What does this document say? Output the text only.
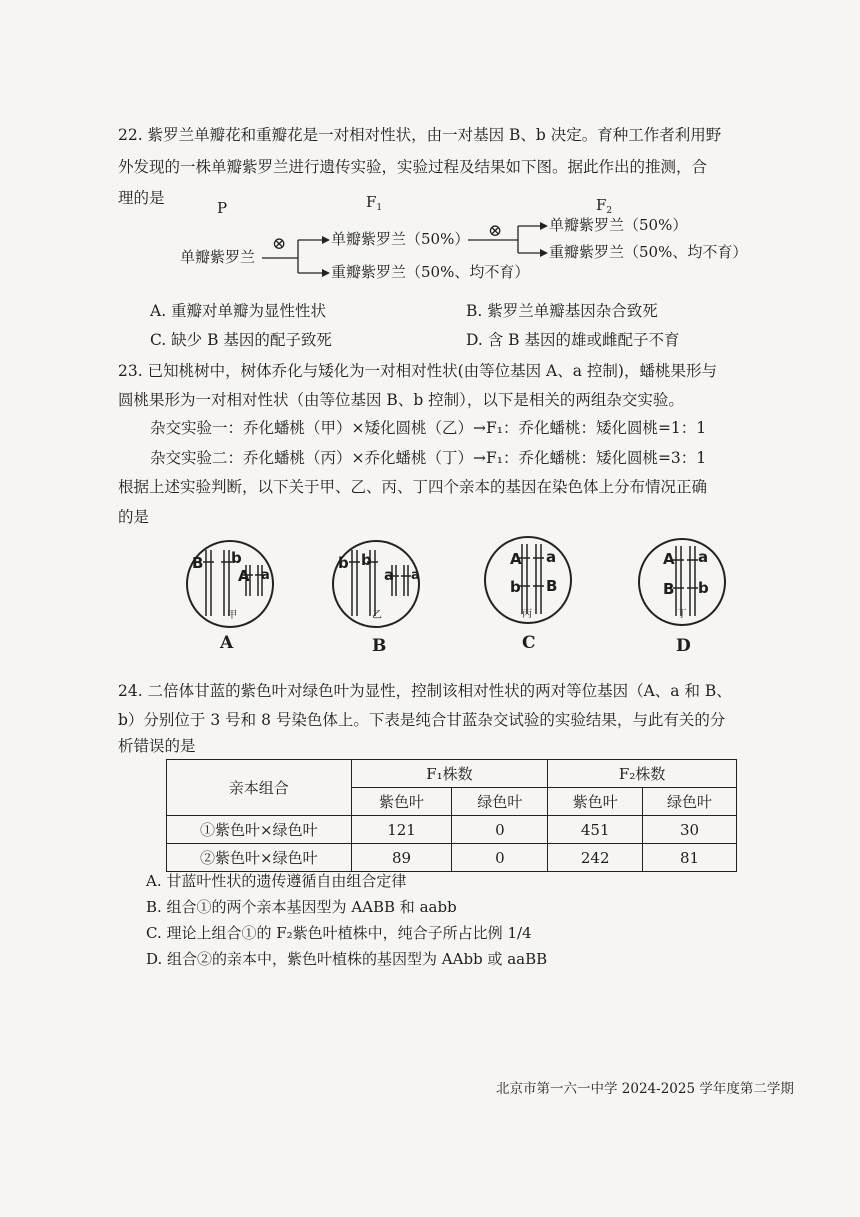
22. 紫罗兰单瓣花和重瓣花是一对相对性状，由一对基因 B、b 决定。育种工作者利用野
外发现的一株单瓣紫罗兰进行遗传实验，实验过程及结果如下图。据此作出的推测，合
理的是
P	$F_1$	$F_2$
单瓣紫罗兰
⊗
⊗
单瓣紫罗兰（50%）
重瓣紫罗兰（50%、均不育）
单瓣紫罗兰（50%）
重瓣紫罗兰（50%、均不育）
A. 重瓣对单瓣为显性性状	B. 紫罗兰单瓣基因杂合致死
C. 缺少 B 基因的配子致死	D. 含 B 基因的雄或雌配子不育
23. 已知桃树中，树体乔化与矮化为一对相对性状(由等位基因 A、a 控制)，蟠桃果形与
圆桃果形为一对相对性状（由等位基因 B、b 控制），以下是相关的两组杂交实验。
杂交实验一：乔化蟠桃（甲）×矮化圆桃（乙）→F₁：乔化蟠桃：矮化圆桃=1：1
杂交实验二：乔化蟠桃（丙）×乔化蟠桃（丁）→F₁：乔化蟠桃：矮化圆桃=3：1
根据上述实验判断，以下关于甲、乙、丙、丁四个亲本的基因在染色体上分布情况正确
的是
B b
A a
甲
A
b b
a a
乙
B
A a
b B
丙
C
A a
B b
丁
D
24. 二倍体甘蓝的紫色叶对绿色叶为显性，控制该相对性状的两对等位基因（A、a 和 B、
b）分别位于 3 号和 8 号染色体上。下表是纯合甘蓝杂交试验的实验结果，与此有关的分
析错误的是
亲本组合	F₁株数		F₂株数	
	紫色叶	绿色叶	紫色叶	绿色叶
①紫色叶×绿色叶	121	0	451	30
②紫色叶×绿色叶	89	0	242	81
A. 甘蓝叶性状的遗传遵循自由组合定律
B. 组合①的两个亲本基因型为 AABB 和 aabb
C. 理论上组合①的 F₂紫色叶植株中，纯合子所占比例 1/4
D. 组合②的亲本中，紫色叶植株的基因型为 AAbb 或 aaBB
北京市第一六一中学 2024-2025 学年度第二学期
